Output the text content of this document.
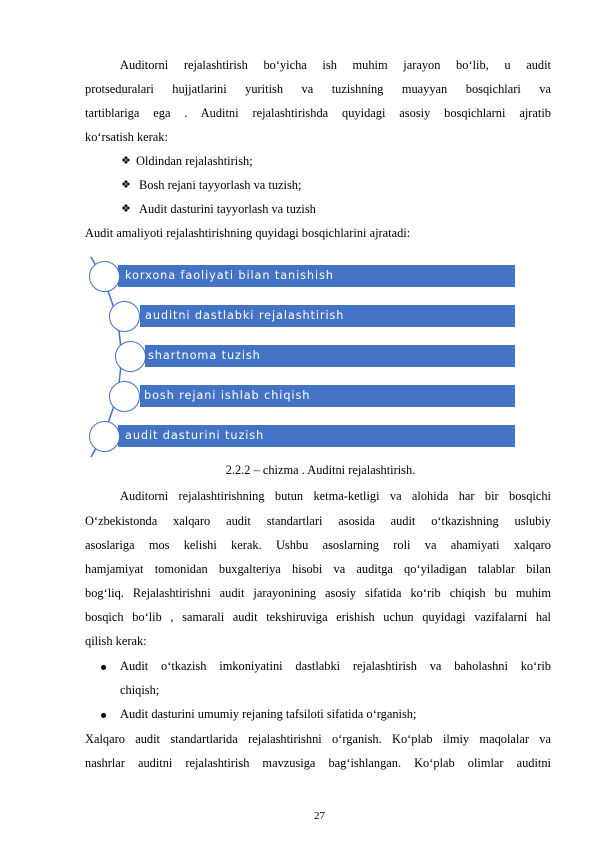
Auditorni rejalashtirish bo‘yicha ish muhim jarayon bo‘lib, u audit
protseduralari hujjatlarini yuritish va tuzishning muayyan bosqichlari va
tartiblariga ega . Auditni rejalashtirishda quyidagi asosiy bosqichlarni ajratib
ko‘rsatish kerak:
❖ Oldindan rejalashtirish;
❖ Bosh rejani tayyorlash va tuzish;
❖ Audit dasturini tayyorlash va tuzish
Audit amaliyoti rejalashtirishning quyidagi bosqichlarini ajratadi:
korxona faoliyati bilan tanishish
auditni dastlabki rejalashtirish
shartnoma tuzish
bosh rejani ishlab chiqish
audit dasturini tuzish
2.2.2 – chizma . Auditni rejalashtirish.
Auditorni rejalashtirishning butun ketma-ketligi va alohida har bir bosqichi
O‘zbekistonda xalqaro audit standartlari asosida audit o‘tkazishning uslubiy
asoslariga mos kelishi kerak. Ushbu asoslarning roli va ahamiyati xalqaro
hamjamiyat tomonidan buxgalteriya hisobi va auditga qo‘yiladigan talablar bilan
bog‘liq. Rejalashtirishni audit jarayonining asosiy sifatida ko‘rib chiqish bu muhim
bosqich bo‘lib , samarali audit tekshiruviga erishish uchun quyidagi vazifalarni hal
qilish kerak:
Audit o‘tkazish imkoniyatini dastlabki rejalashtirish va baholashni ko‘rib
chiqish;
Audit dasturini umumiy rejaning tafsiloti sifatida o‘rganish;
Xalqaro audit standartlarida rejalashtirishni o‘rganish. Ko‘plab ilmiy maqolalar va
nashrlar auditni rejalashtirish mavzusiga bag‘ishlangan. Ko‘plab olimlar auditni
27
